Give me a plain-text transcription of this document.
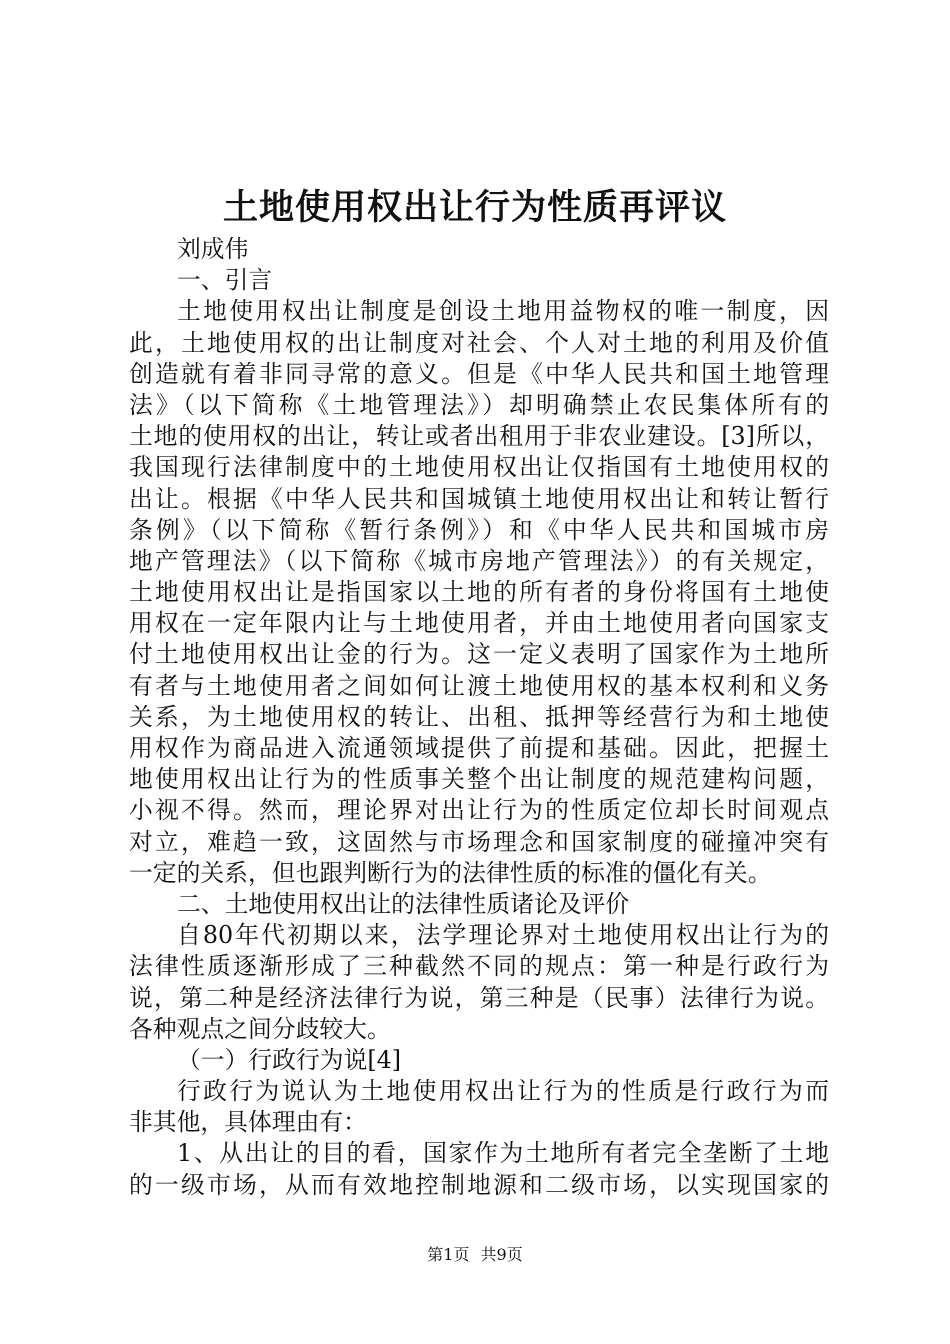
土地使用权出让行为性质再评议
刘成伟
一、引言
土地使用权出让制度是创设土地用益物权的唯一制度，因
此，土地使用权的出让制度对社会、个人对土地的利用及价值
创造就有着非同寻常的意义。但是《中华人民共和国土地管理
法》（以下简称《土地管理法》）却明确禁止农民集体所有的
土地的使用权的出让，转让或者出租用于非农业建设。[3]所以，
我国现行法律制度中的土地使用权出让仅指国有土地使用权的
出让。根据《中华人民共和国城镇土地使用权出让和转让暂行
条例》（以下简称《暂行条例》）和《中华人民共和国城市房
地产管理法》（以下简称《城市房地产管理法》）的有关规定，
土地使用权出让是指国家以土地的所有者的身份将国有土地使
用权在一定年限内让与土地使用者，并由土地使用者向国家支
付土地使用权出让金的行为。这一定义表明了国家作为土地所
有者与土地使用者之间如何让渡土地使用权的基本权利和义务
关系，为土地使用权的转让、出租、抵押等经营行为和土地使
用权作为商品进入流通领域提供了前提和基础。因此，把握土
地使用权出让行为的性质事关整个出让制度的规范建构问题，
小视不得。然而，理论界对出让行为的性质定位却长时间观点
对立，难趋一致，这固然与市场理念和国家制度的碰撞冲突有
一定的关系，但也跟判断行为的法律性质的标准的僵化有关。
二、土地使用权出让的法律性质诸论及评价
自80年代初期以来，法学理论界对土地使用权出让行为的
法律性质逐渐形成了三种截然不同的规点：第一种是行政行为
说，第二种是经济法律行为说，第三种是（民事）法律行为说。
各种观点之间分歧较大。
（一）行政行为说[4]
行政行为说认为土地使用权出让行为的性质是行政行为而
非其他，具体理由有：
1、从出让的目的看，国家作为土地所有者完全垄断了土地
的一级市场，从而有效地控制地源和二级市场，以实现国家的
第1页 共9页
